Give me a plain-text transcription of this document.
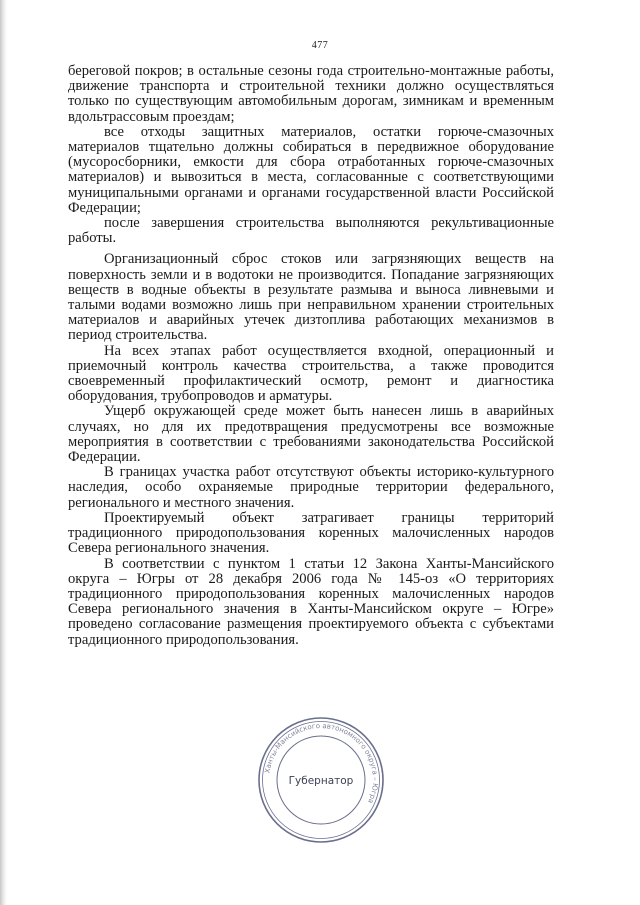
477

береговой покров; в остальные сезоны года строительно-монтажные работы, движение транспорта и строительной техники должно осуществляться только по существующим автомобильным дорогам, зимникам и временным вдольтрассовым проездам;

все отходы защитных материалов, остатки горюче-смазочных материалов тщательно должны собираться в передвижное оборудование (мусоросборники, емкости для сбора отработанных горюче-смазочных материалов) и вывозиться в места, согласованные с соответствующими муниципальными органами и органами государственной власти Российской Федерации;

после завершения строительства выполняются рекультивационные работы.

Организационный сброс стоков или загрязняющих веществ на поверхность земли и в водотоки не производится. Попадание загрязняющих веществ в водные объекты в результате размыва и выноса ливневыми и талыми водами возможно лишь при неправильном хранении строительных материалов и аварийных утечек дизтоплива работающих механизмов в период строительства.

На всех этапах работ осуществляется входной, операционный и приемочный контроль качества строительства, а также проводится своевременный профилактический осмотр, ремонт и диагностика оборудования, трубопроводов и арматуры.

Ущерб окружающей среде может быть нанесен лишь в аварийных случаях, но для их предотвращения предусмотрены все возможные мероприятия в соответствии с требованиями законодательства Российской Федерации.

В границах участка работ отсутствуют объекты историко-культурного наследия, особо охраняемые природные территории федерального, регионального и местного значения.

Проектируемый объект затрагивает границы территорий традиционного природопользования коренных малочисленных народов Севера регионального значения.

В соответствии с пунктом 1 статьи 12 Закона Ханты-Мансийского округа – Югры от 28 декабря 2006 года № 145-оз «О территориях традиционного природопользования коренных малочисленных народов Севера регионального значения в Ханты-Мансийском округе – Югре» проведено согласование размещения проектируемого объекта с субъектами традиционного природопользования.

Ханты-Мансийского автономного округа – Югра
Губернатор
